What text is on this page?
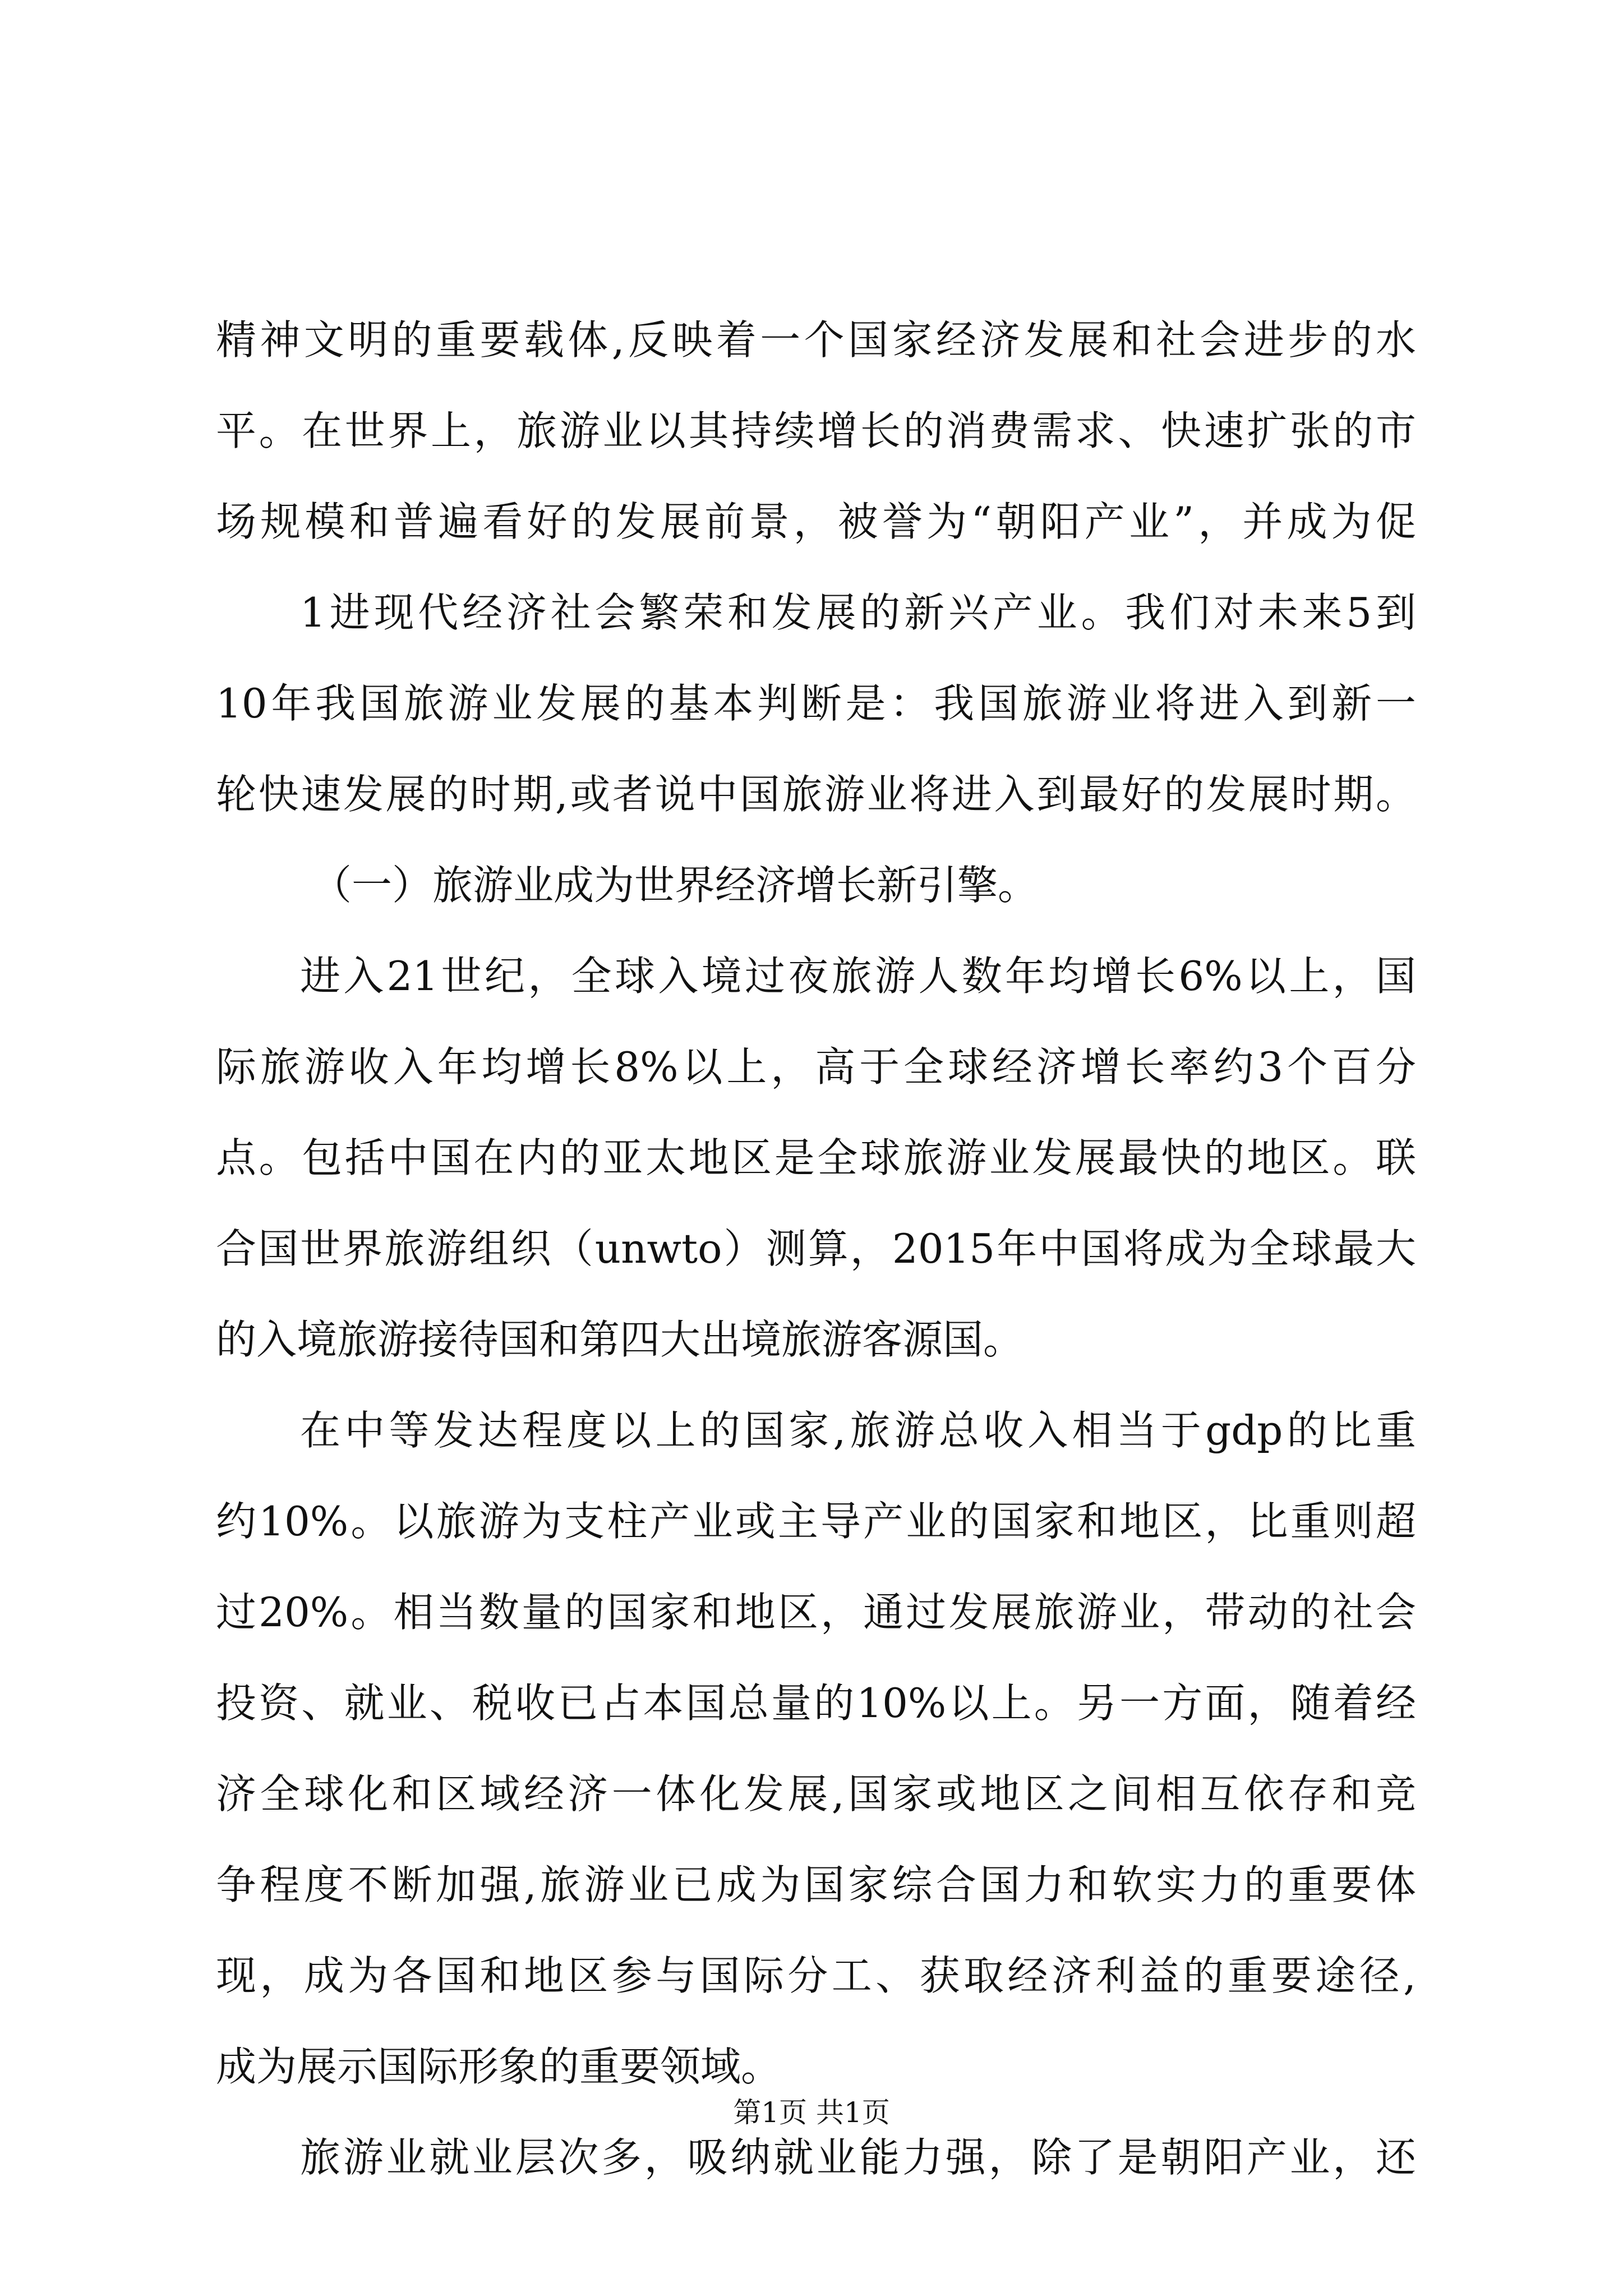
精神文明的重要载体,反映着一个国家经济发展和社会进步的水
平。在世界上，旅游业以其持续增长的消费需求、快速扩张的市
场规模和普遍看好的发展前景，被誉为“朝阳产业”，并成为促
1进现代经济社会繁荣和发展的新兴产业。我们对未来5到
10年我国旅游业发展的基本判断是：我国旅游业将进入到新一
轮快速发展的时期,或者说中国旅游业将进入到最好的发展时期。
（一）旅游业成为世界经济增长新引擎。
进入21世纪，全球入境过夜旅游人数年均增长6%以上，国
际旅游收入年均增长8%以上，高于全球经济增长率约3个百分
点。包括中国在内的亚太地区是全球旅游业发展最快的地区。联
合国世界旅游组织（unwto）测算，2015年中国将成为全球最大
的入境旅游接待国和第四大出境旅游客源国。
在中等发达程度以上的国家,旅游总收入相当于gdp的比重
约10%。以旅游为支柱产业或主导产业的国家和地区，比重则超
过20%。相当数量的国家和地区，通过发展旅游业，带动的社会
投资、就业、税收已占本国总量的10%以上。另一方面，随着经
济全球化和区域经济一体化发展,国家或地区之间相互依存和竞
争程度不断加强,旅游业已成为国家综合国力和软实力的重要体
现，成为各国和地区参与国际分工、获取经济利益的重要途径,
成为展示国际形象的重要领域。
旅游业就业层次多，吸纳就业能力强，除了是朝阳产业，还
第1页 共1页
